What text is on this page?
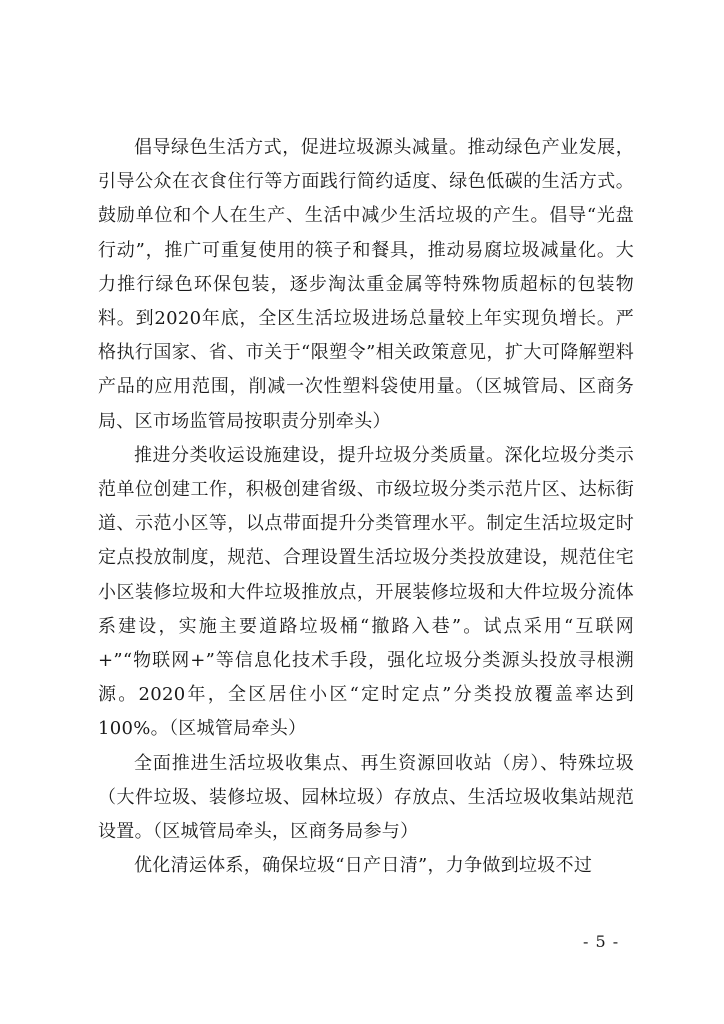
倡导绿色生活方式，促进垃圾源头减量。推动绿色产业发展，引导公众在衣食住行等方面践行简约适度、绿色低碳的生活方式。鼓励单位和个人在生产、生活中减少生活垃圾的产生。倡导“光盘行动”，推广可重复使用的筷子和餐具，推动易腐垃圾减量化。大力推行绿色环保包装，逐步淘汰重金属等特殊物质超标的包装物料。到2020年底，全区生活垃圾进场总量较上年实现负增长。严格执行国家、省、市关于“限塑令”相关政策意见，扩大可降解塑料产品的应用范围，削减一次性塑料袋使用量。（区城管局、区商务局、区市场监管局按职责分别牵头）

推进分类收运设施建设，提升垃圾分类质量。深化垃圾分类示范单位创建工作，积极创建省级、市级垃圾分类示范片区、达标街道、示范小区等，以点带面提升分类管理水平。制定生活垃圾定时定点投放制度，规范、合理设置生活垃圾分类投放建设，规范住宅小区装修垃圾和大件垃圾推放点，开展装修垃圾和大件垃圾分流体系建设，实施主要道路垃圾桶“撤路入巷”。试点采用“互联网+”“物联网+”等信息化技术手段，强化垃圾分类源头投放寻根溯源。2020年，全区居住小区“定时定点”分类投放覆盖率达到100%。（区城管局牵头）

全面推进生活垃圾收集点、再生资源回收站（房）、特殊垃圾（大件垃圾、装修垃圾、园林垃圾）存放点、生活垃圾收集站规范设置。（区城管局牵头，区商务局参与）

优化清运体系，确保垃圾“日产日清”，力争做到垃圾不过

- 5 -
